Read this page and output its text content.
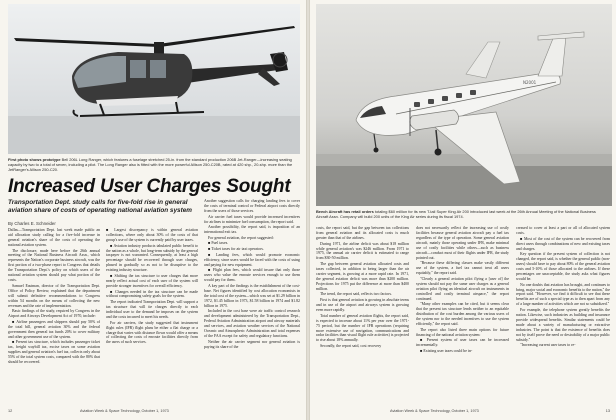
First photo shows prototype Bell 206L Long Ranger, which features a fuselage stretched 25-in. from the standard production 206B Jet-Ranger—increasing seating capacity by two to a total of seven, including a pilot. The Long Ranger also is fitted with the more powerful Allison 250-C20B, rated at 420 shp., 20-shp. more than the JetRanger's Allison 250-C20.
Increased User Charges Sought
Transportation Dept. study calls for five-fold rise in general aviation share of costs of operating national aviation system
By Charles E. Schneider

Dallas—Transportation Dept. last week made public an aid allocation study calling for a five-fold increase in general aviation's share of the costs of operating the national aviation system.

The disclosure, made here before the 26th annual meeting of the National Business Aircraft Assn., which represents the Nation's corporate business aircraft, was the first portion of a two-phase report to Congress that details the Transportation Dept.'s policy on which users of the national aviation system should pay what portion of the costs.

Samuel Eastman, director of the Transportation Dept. Office of Policy Review, explained that the department will submit definitive recommendations to Congress within 54 months on the means of collecting the new revenues and the rate of implementation.

Basic findings of the study, required by Congress in the Airport and Airways Development Act of 1970, include:

■ Airline passengers and shippers should pay 50% of the total bill, general aviation 30% and the federal government then general tax funds 20% to cover military and other government use of the system.

■ Present tax structure, which includes passenger ticket tax, freight waybill tax, excise taxes on some aviation supplies and general aviation's fuel tax, collects only about 55% of the total system costs, compared with the 80% that should be recovered.

■ Largest discrepancy is within general aviation collections, where only about 30% of the costs of that group's use of the system is currently paid by user taxes.

■ Aviation industry products tabulated public benefit to the nation as a whole, but long-term subsidy by the general taxpayer is not warranted. Consequently, at least a high percentage should be recovered through user charges, phased in gradually so as not to be disruptive to the existing industry structure.

■ Shifting the tax structure to user charges that more nearly reflect actual cost of each user of the system will provide stronger incentives for overall efficiency.

■ Changes needed in the tax structure can be made without compromising safety goals for the system.

The report indicated Transportation Dept. will support a tax structure that will tie charges directly to each individual user to the demand he imposes on the system and the costs incurred to meet his needs.

For air carriers, the study suggested that instrument flight rules (IFR) flight plans be either a flat charge or a charge that varies with distance flown would offer a means of collecting the costs of enroute facilities directly from the users of such services.

Another suggestion calls for charging landing fees to cover the costs of terminal control or Federal airport costs directly from the users of those services.

Air carrier fuel taxes would provide increased incentives for airlines to minimize fuel consumption, the report said.

Another possibility, the report said, is imposition of an international exit tax.

For general aviation, the report suggested:

■ Fuel taxes.

■ Ticket taxes for air taxi operators.

■ Landing fees, which would promote economic efficiency, since users would be faced with the costs of using and paying for new equipment.

■ Flight plan fees, which would insure that only those users who value the enroute services enough to use them would pay for them.

A key part of the findings is the establishment of the cost-base. Net figures identified by cost allocation economists in the total cost of the system—which was set at $1.29 billion in 1972, $1.45 billion in 1973, $1.58 billion in 1974 and $1.82 billion in 1975.

Included in the cost base were air traffic control research and development administered by the Transportation Dept., Federal Aviation Administration airport and airway materials and services, and aviation weather services of the National Oceanic and Atmospheric Administration and total expenses of the FAA except for safety and regulatory functions.

Neither the air carrier segment nor general aviation is paying its share of the

12	Aviation Week & Space Technology, October 1, 1973
N2001
Beech Aircraft has retail orders totaling $60 million for its new T-tail Super King Air 200 introduced last week at the 26th Annual Meeting of the National Business Aircraft Assn. Company will build 200 units of the King Air series during its fiscal 1974.

costs, the report said, but the gap between tax collections from general aviation and its allocated costs is much greater than that of the airlines.

During 1971, the airline deficit was about $18 million while general aviation's was $246 million. From 1971 to 1975, the annual air carrier deficit is estimated to range from $30-50 million.

The gap between general aviation allocated costs and taxes collected, in addition to being larger than the air carrier segment, is growing at a more rapid rate. In 1971, the general aviation deficit was more than $200 million. Projections for 1975 put the difference at more than $400 million.

The trend, the report said, reflects two factors.

First is that general aviation is growing in absolute terms and in use of the airport and airways system is growing even more rapidly.

Total number of general aviation flights, the report said, is expected to increase about 11% per year over the 1971-75 period, but the number of IFR operations (requiring more extensive use of navigation, communications and radar facilities than visual flight rule activities) is projected to rise about 18% annually.

Secondly, the report said, cost recovery

does not necessarily reflect the increasing use of costly facilities because general aviation aircraft pay a fuel tax regardless of the type of operation. Some general aviation aircraft, mainly those operating under IFR, make minimal use of costly facilities while others—such as business aircraft—conduct most of their flights under IFR, the study pointed out.

"Because these differing classes make vastly different use of the system, a fuel tax cannot treat all users equitably," the report said.

"Clearly a general aviation pilot flying a [user of] the system should not pay the same user charges as a general aviation pilot flying an identical aircraft on instruments in controlled and costly terminal airspace," the report continued.

"Many other examples can be cited, but it seems clear that the present tax structure lends neither to an equitable distribution of the cost burden among the various users of the system nor to the needed incentives to use the system efficiently," the report said.

The report also listed three main options for future financing of the national aviation system:

■ Present system of user taxes can be increased incrementally.

■ Existing user taxes could be in-

creased to cover at least a part or all of allocated system costs.

■ Most of the cost of the system can be recovered from direct users through combinations of new and existing taxes and charges.

Key question if the present system of collection is not changed, the report said, is whether the general public (non-users) should have to pay about 80% of the general aviation costs and 5-10% of those allocated to the airlines. If these percentages are unacceptable, the study asks what figures would be.

No one doubts that aviation has brought, and continues to bring, major social and economic benefits to the nation," the report said. "However, we find it difficult to see that these benefits are of such a special type as to then apart from any of a large number of activities which are not so subsidized."

For example, the telephone system greatly benefits the nation. Likewise, such industries as building and insurance provide widespread benefits. Similar statements could be made about a variety of manufacturing or extractive industries. The point is that the existence of benefits does not by itself prove the need or desirability of a major public subsidy."

"Increasing current user taxes to re-

Aviation Week & Space Technology, October 1, 1973	13
